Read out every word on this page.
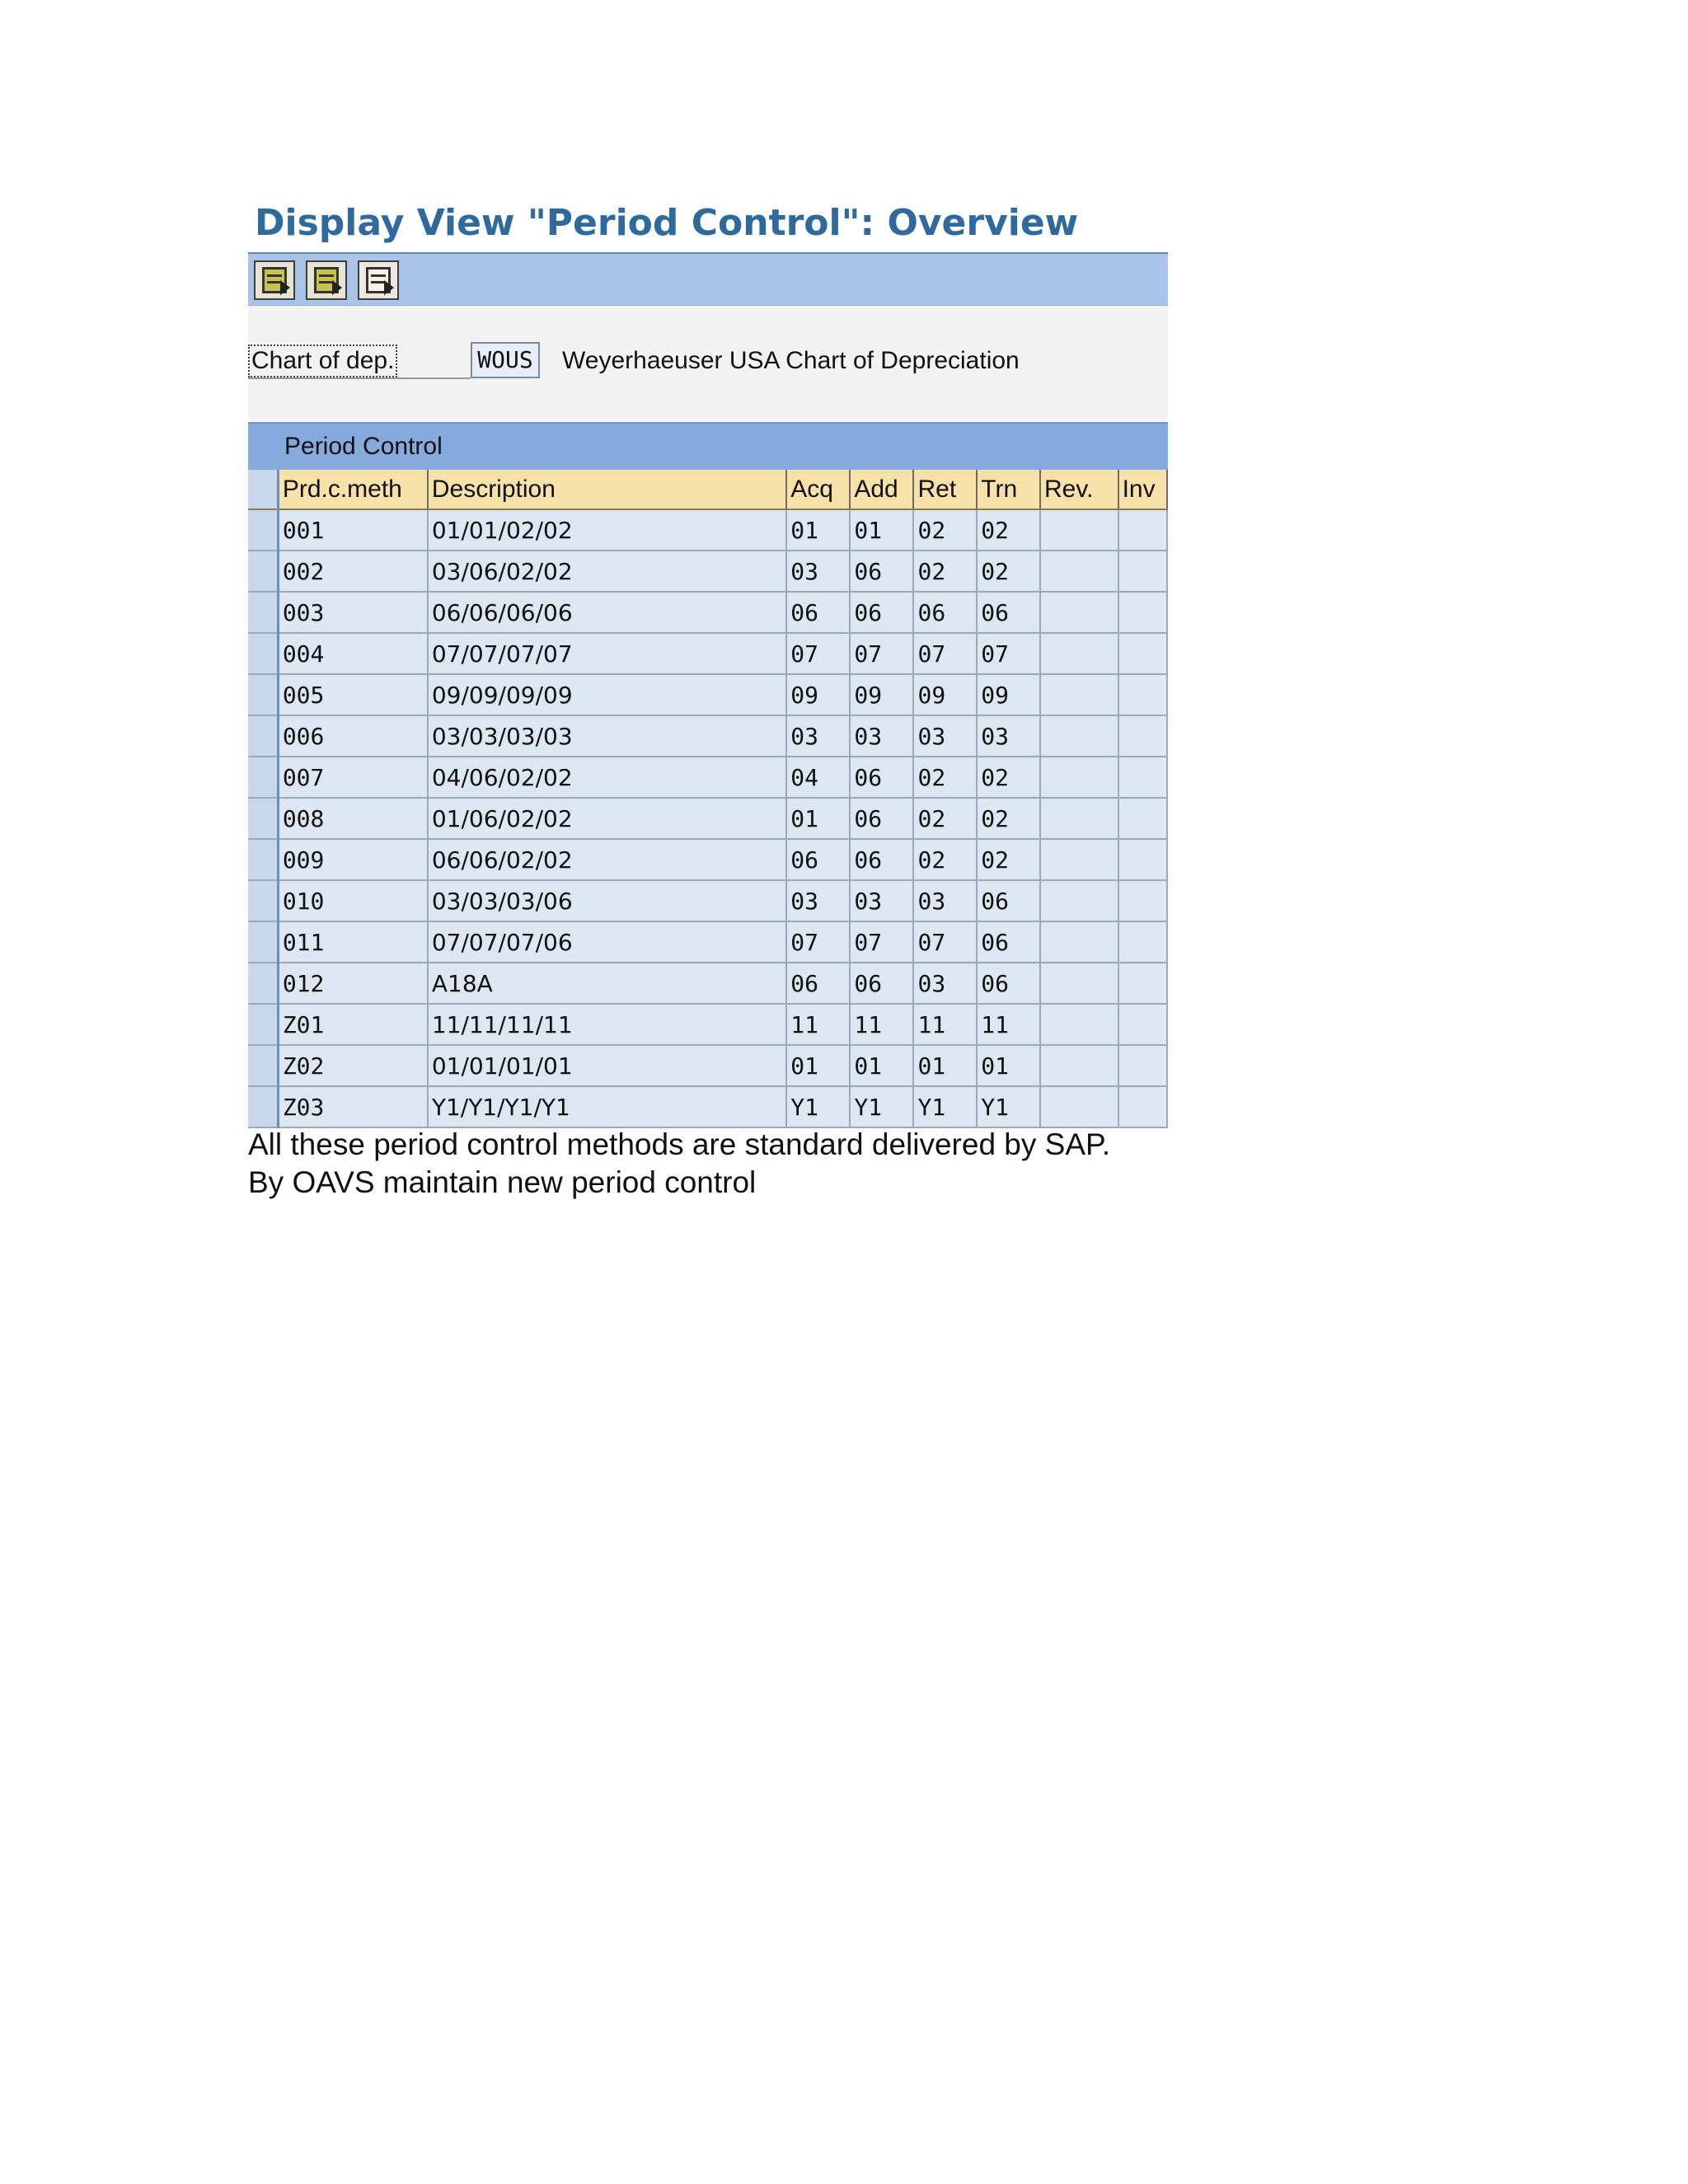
Display View "Period Control": Overview
Chart of dep.	WOUS Weyerhaeuser USA Chart of Depreciation
Period Control
	Prd.c.meth	Description	Acq	Add	Ret	Trn	Rev.	Inv
	001	01/01/02/02	01	01	02	02		
	002	03/06/02/02	03	06	02	02		
	003	06/06/06/06	06	06	06	06		
	004	07/07/07/07	07	07	07	07		
	005	09/09/09/09	09	09	09	09		
	006	03/03/03/03	03	03	03	03		
	007	04/06/02/02	04	06	02	02		
	008	01/06/02/02	01	06	02	02		
	009	06/06/02/02	06	06	02	02		
	010	03/03/03/06	03	03	03	06		
	011	07/07/07/06	07	07	07	06		
	012	A18A	06	06	03	06		
	Z01	11/11/11/11	11	11	11	11		
	Z02	01/01/01/01	01	01	01	01		
	Z03	Y1/Y1/Y1/Y1	Y1	Y1	Y1	Y1		
All these period control methods are standard delivered by SAP.
By OAVS maintain new period control
